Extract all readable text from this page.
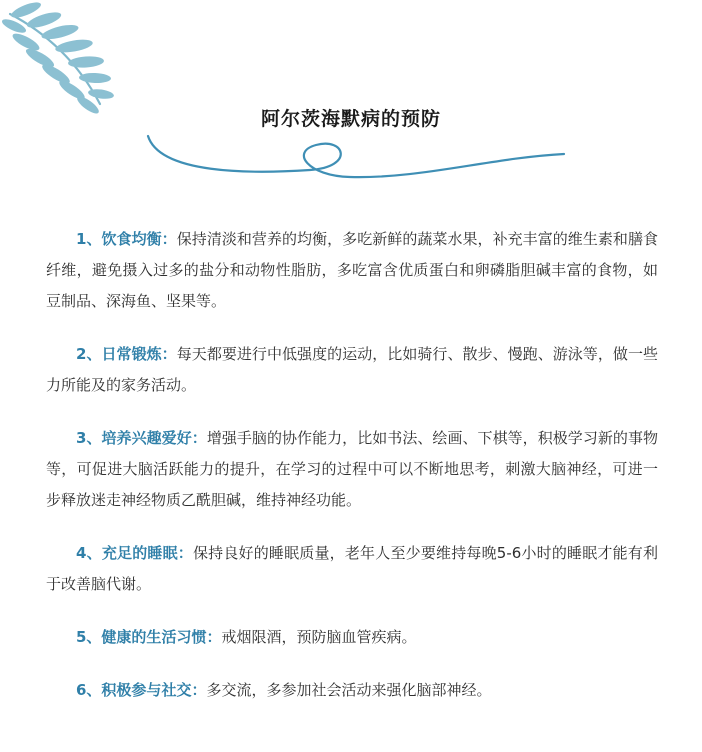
阿尔茨海默病的预防

1、饮食均衡：保持清淡和营养的均衡，多吃新鲜的蔬菜水果，补充丰富的维生素和膳食纤维，避免摄入过多的盐分和动物性脂肪，多吃富含优质蛋白和卵磷脂胆碱丰富的食物，如豆制品、深海鱼、坚果等。

2、日常锻炼：每天都要进行中低强度的运动，比如骑行、散步、慢跑、游泳等，做一些力所能及的家务活动。

3、培养兴趣爱好：增强手脑的协作能力，比如书法、绘画、下棋等，积极学习新的事物等，可促进大脑活跃能力的提升，在学习的过程中可以不断地思考，刺激大脑神经，可进一步释放迷走神经物质乙酰胆碱，维持神经功能。

4、充足的睡眠：保持良好的睡眠质量，老年人至少要维持每晚5-6小时的睡眠才能有利于改善脑代谢。

5、健康的生活习惯：戒烟限酒，预防脑血管疾病。

6、积极参与社交：多交流，多参加社会活动来强化脑部神经。
